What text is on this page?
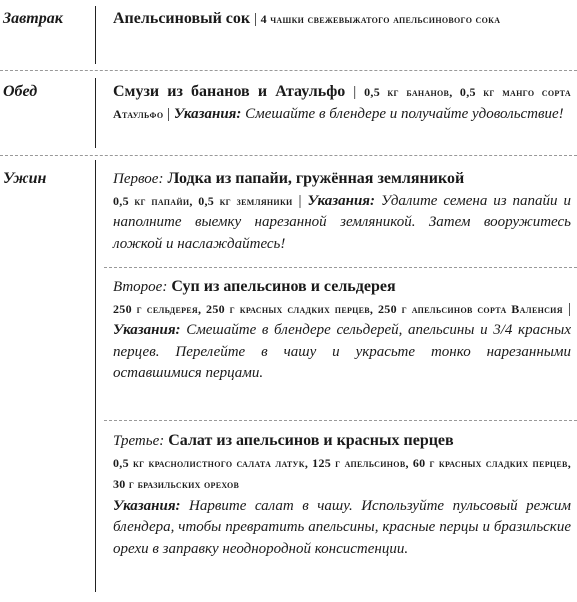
Завтрак	Апельсиновый сок | 4 чашки свежевыжатого апельсинового сока
Обед	Смузи из бананов и Атаульфо | 0,5 кг бананов, 0,5 кг манго сорта Атаульфо | Указания: Смешайте в блендере и получайте удовольствие!
Ужин	Первое: Лодка из папайи, гружённая земляникой
0,5 кг папайи, 0,5 кг земляники | Указания: Удалите семена из папайи и наполните выемку нарезанной земляникой. Затем вооружитесь ложкой и наслаждайтесь!
Второе: Суп из апельсинов и сельдерея
250 г сельдерея, 250 г красных сладких перцев, 250 г апельсинов сорта Валенсия | Указания: Смешайте в блендере сельдерей, апельсины и 3/4 красных перцев. Перелейте в чашу и украсьте тонко нарезанными оставшимися перцами.
Третье: Салат из апельсинов и красных перцев
0,5 кг краснолистного салата латук, 125 г апельсинов, 60 г красных сладких перцев, 30 г бразильских орехов
Указания: Нарвите салат в чашу. Используйте пульсовый режим блендера, чтобы превратить апельсины, красные перцы и бразильские орехи в заправку неоднородной консистенции.
